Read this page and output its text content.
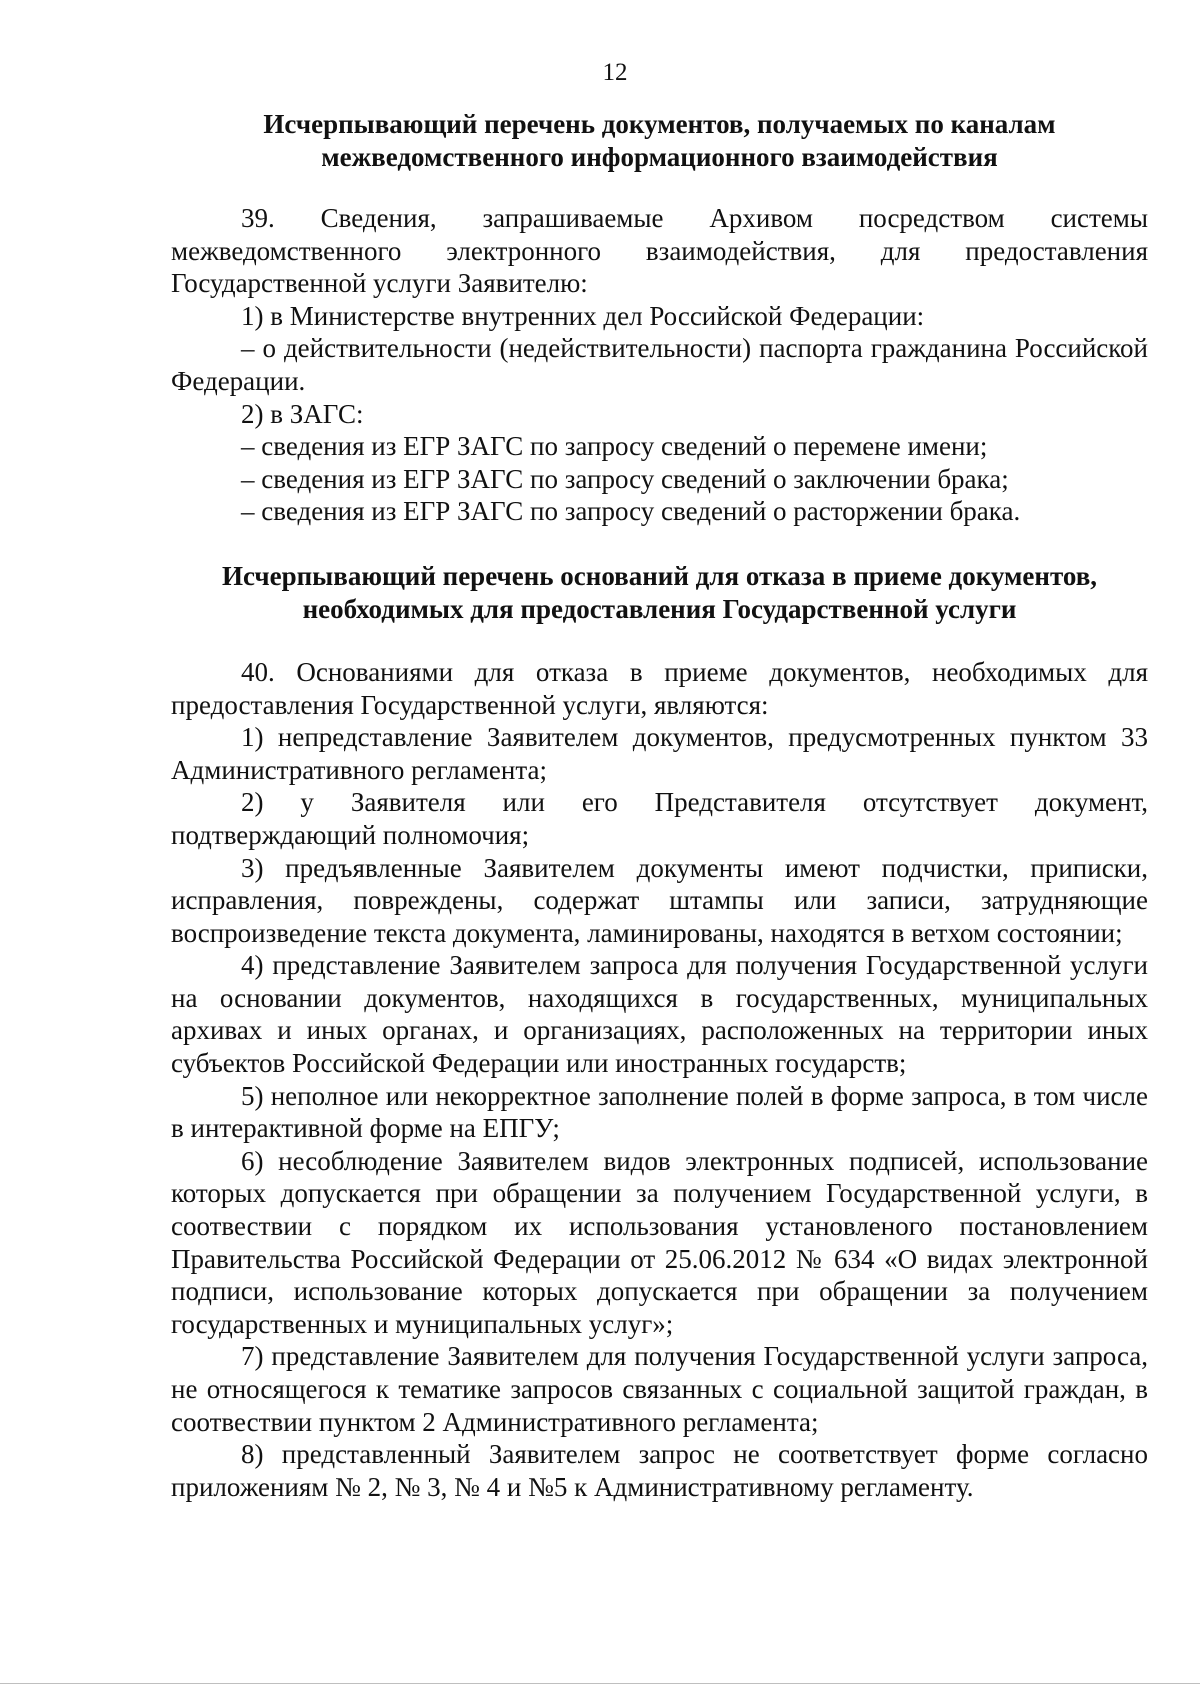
12
Исчерпывающий перечень документов, получаемых по каналам
межведомственного информационного взаимодействия

39. Сведения, запрашиваемые Архивом посредством системы межведомственного электронного взаимодействия, для предоставления Государственной услуги Заявителю:

1) в Министерстве внутренних дел Российской Федерации:

– о действительности (недействительности) паспорта гражданина Российской Федерации.

2) в ЗАГС:

– сведения из ЕГР ЗАГС по запросу сведений о перемене имени;

– сведения из ЕГР ЗАГС по запросу сведений о заключении брака;

– сведения из ЕГР ЗАГС по запросу сведений о расторжении брака.

Исчерпывающий перечень оснований для отказа в приеме документов,
необходимых для предоставления Государственной услуги

40. Основаниями для отказа в приеме документов, необходимых для предоставления Государственной услуги, являются:

1) непредставление Заявителем документов, предусмотренных пунктом 33 Административного регламента;

2) у Заявителя или его Представителя отсутствует документ, подтверждающий полномочия;

3) предъявленные Заявителем документы имеют подчистки, приписки, исправления, повреждены, содержат штампы или записи, затрудняющие воспроизведение текста документа, ламинированы, находятся в ветхом состоянии;

4) представление Заявителем запроса для получения Государственной услуги на основании документов, находящихся в государственных, муниципальных архивах и иных органах, и организациях, расположенных на территории иных субъектов Российской Федерации или иностранных государств;

5) неполное или некорректное заполнение полей в форме запроса, в том числе в интерактивной форме на ЕПГУ;

6) несоблюдение Заявителем видов электронных подписей, использование которых допускается при обращении за получением Государственной услуги, в соотвествии с порядком их использования установленого постановлением Правительства Российской Федерации от 25.06.2012 № 634 «О видах электронной подписи, использование которых допускается при обращении за получением государственных и муниципальных услуг»;

7) представление Заявителем для получения Государственной услуги запроса, не относящегося к тематике запросов связанных с социальной защитой граждан, в соотвествии пунктом 2 Административного регламента;

8) представленный Заявителем запрос не соответствует форме согласно приложениям № 2, № 3, № 4 и №5 к Административному регламенту.
